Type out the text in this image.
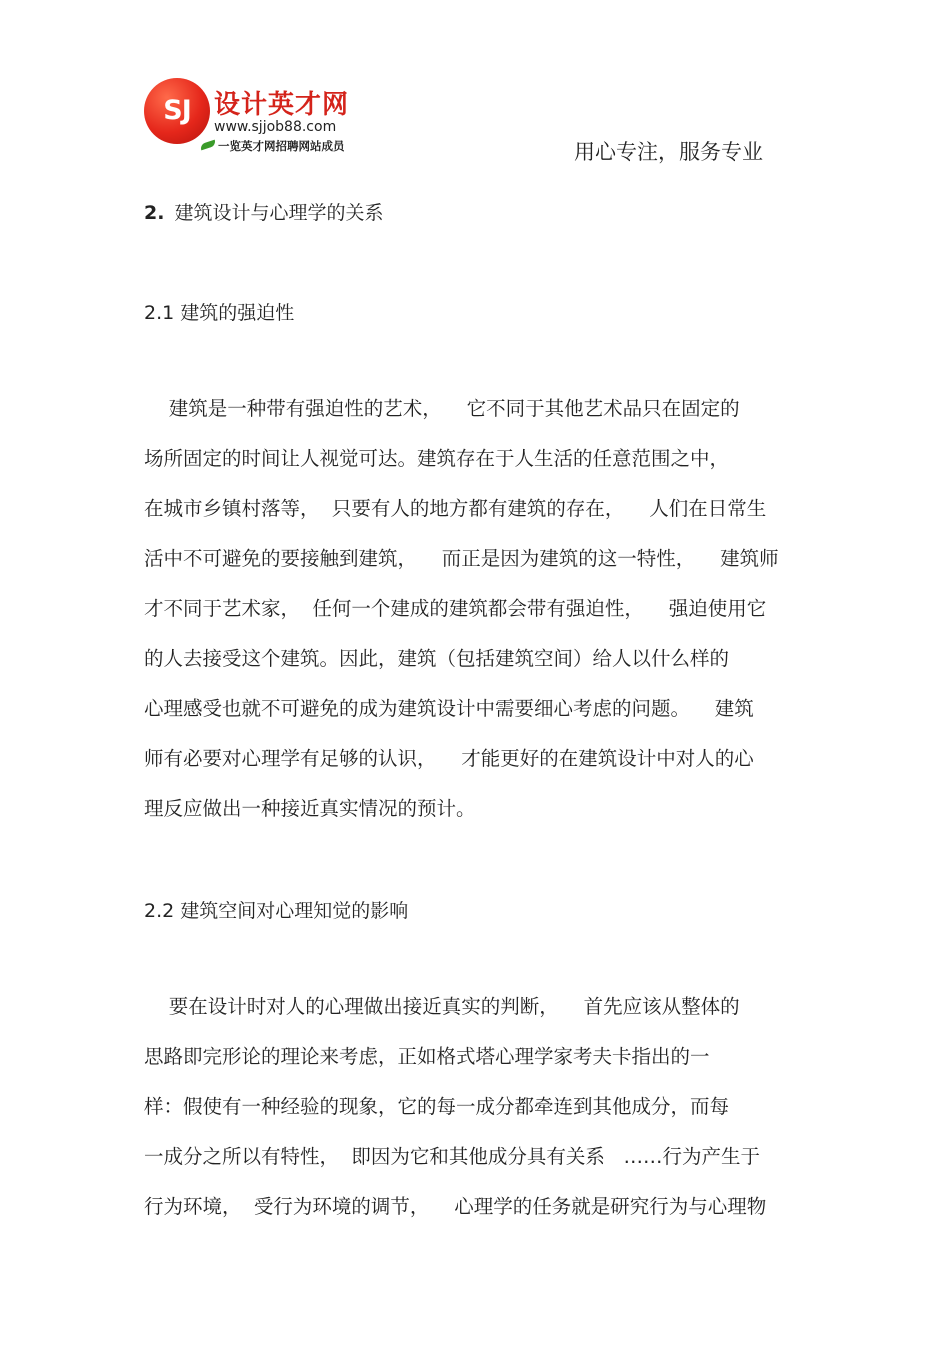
SJ 设计英才网
www.sjjob88.com
一览英才网招聘网站成员	用心专注，服务专业
2. 建筑设计与心理学的关系
2.1 建筑的强迫性
建筑是一种带有强迫性的艺术，    它不同于其他艺术品只在固定的
场所固定的时间让人视觉可达。建筑存在于人生活的任意范围之中，
在城市乡镇村落等，  只要有人的地方都有建筑的存在，    人们在日常生
活中不可避免的要接触到建筑，    而正是因为建筑的这一特性，    建筑师
才不同于艺术家，  任何一个建成的建筑都会带有强迫性，    强迫使用它
的人去接受这个建筑。因此，建筑（包括建筑空间）给人以什么样的
心理感受也就不可避免的成为建筑设计中需要细心考虑的问题。    建筑
师有必要对心理学有足够的认识，    才能更好的在建筑设计中对人的心
理反应做出一种接近真实情况的预计。
2.2 建筑空间对心理知觉的影响
要在设计时对人的心理做出接近真实的判断，    首先应该从整体的
思路即完形论的理论来考虑，正如格式塔心理学家考夫卡指出的一
样：假使有一种经验的现象，它的每一成分都牵连到其他成分，而每
一成分之所以有特性，  即因为它和其他成分具有关系   ……行为产生于
行为环境，  受行为环境的调节，    心理学的任务就是研究行为与心理物
